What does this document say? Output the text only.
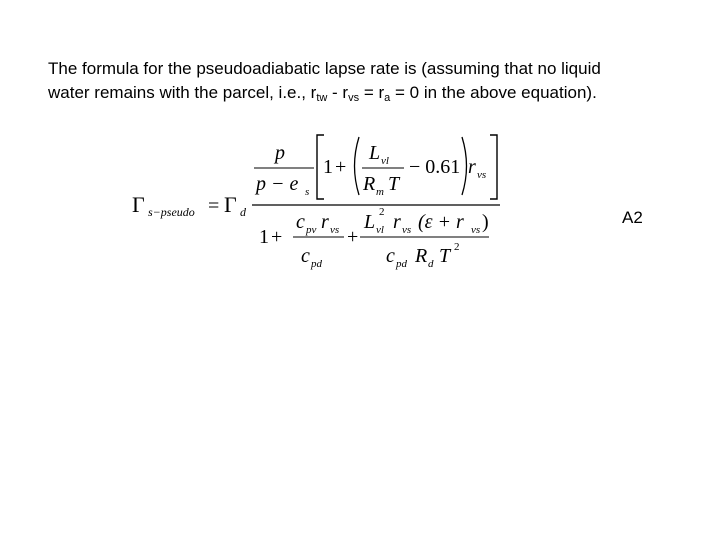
The formula for the pseudoadiabatic lapse rate is (assuming that no liquid
water remains with the parcel, i.e., $r_{tw} - r_{vs} = r_a = 0$ in the above equation).

Γ s−pseudo = Γ d
p
p − e s
1 +
L vl
R m T
− 0.61 r vs
1 +
c pv r vs
c pd
+
L vl
2 r vs (ε + r vs )
c pd R d T 2
A2
